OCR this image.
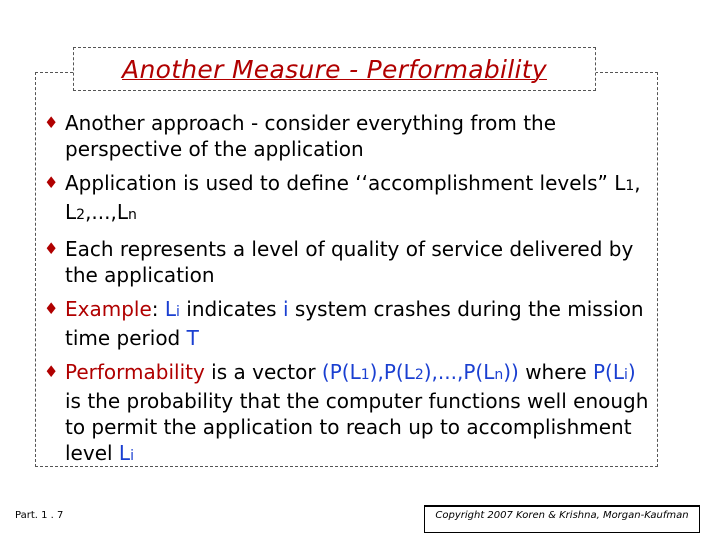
Another Measure - Performability
♦ Another approach - consider everything from the perspective of the application
♦ Application is used to define ‘‘accomplishment levels” L1, L2,...,Ln
♦ Each represents a level of quality of service delivered by the application
♦ Example: Li indicates i system crashes during the mission time period T
♦ Performability is a vector (P(L1),P(L2),...,P(Ln)) where P(Li) is the probability that the computer functions well enough to permit the application to reach up to accomplishment level Li
Part. 1 . 7	Copyright 2007 Koren & Krishna, Morgan-Kaufman
